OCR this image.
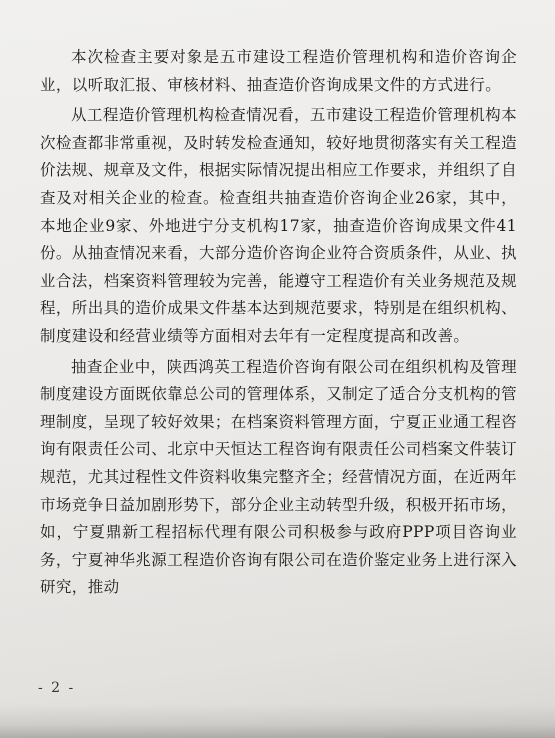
本次检查主要对象是五市建设工程造价管理机构和造价咨询企业，以听取汇报、审核材料、抽查造价咨询成果文件的方式进行。

从工程造价管理机构检查情况看，五市建设工程造价管理机构本次检查都非常重视，及时转发检查通知，较好地贯彻落实有关工程造价法规、规章及文件，根据实际情况提出相应工作要求，并组织了自查及对相关企业的检查。检查组共抽查造价咨询企业26家，其中，本地企业9家、外地进宁分支机构17家，抽查造价咨询成果文件41份。从抽查情况来看，大部分造价咨询企业符合资质条件，从业、执业合法，档案资料管理较为完善，能遵守工程造价有关业务规范及规程，所出具的造价成果文件基本达到规范要求，特别是在组织机构、制度建设和经营业绩等方面相对去年有一定程度提高和改善。

抽查企业中，陕西鸿英工程造价咨询有限公司在组织机构及管理制度建设方面既依靠总公司的管理体系，又制定了适合分支机构的管理制度，呈现了较好效果；在档案资料管理方面，宁夏正业通工程咨询有限责任公司、北京中天恒达工程咨询有限责任公司档案文件装订规范，尤其过程性文件资料收集完整齐全；经营情况方面，在近两年市场竞争日益加剧形势下，部分企业主动转型升级，积极开拓市场，如，宁夏鼎新工程招标代理有限公司积极参与政府PPP项目咨询业务，宁夏神华兆源工程造价咨询有限公司在造价鉴定业务上进行深入研究，推动

- 2 -
